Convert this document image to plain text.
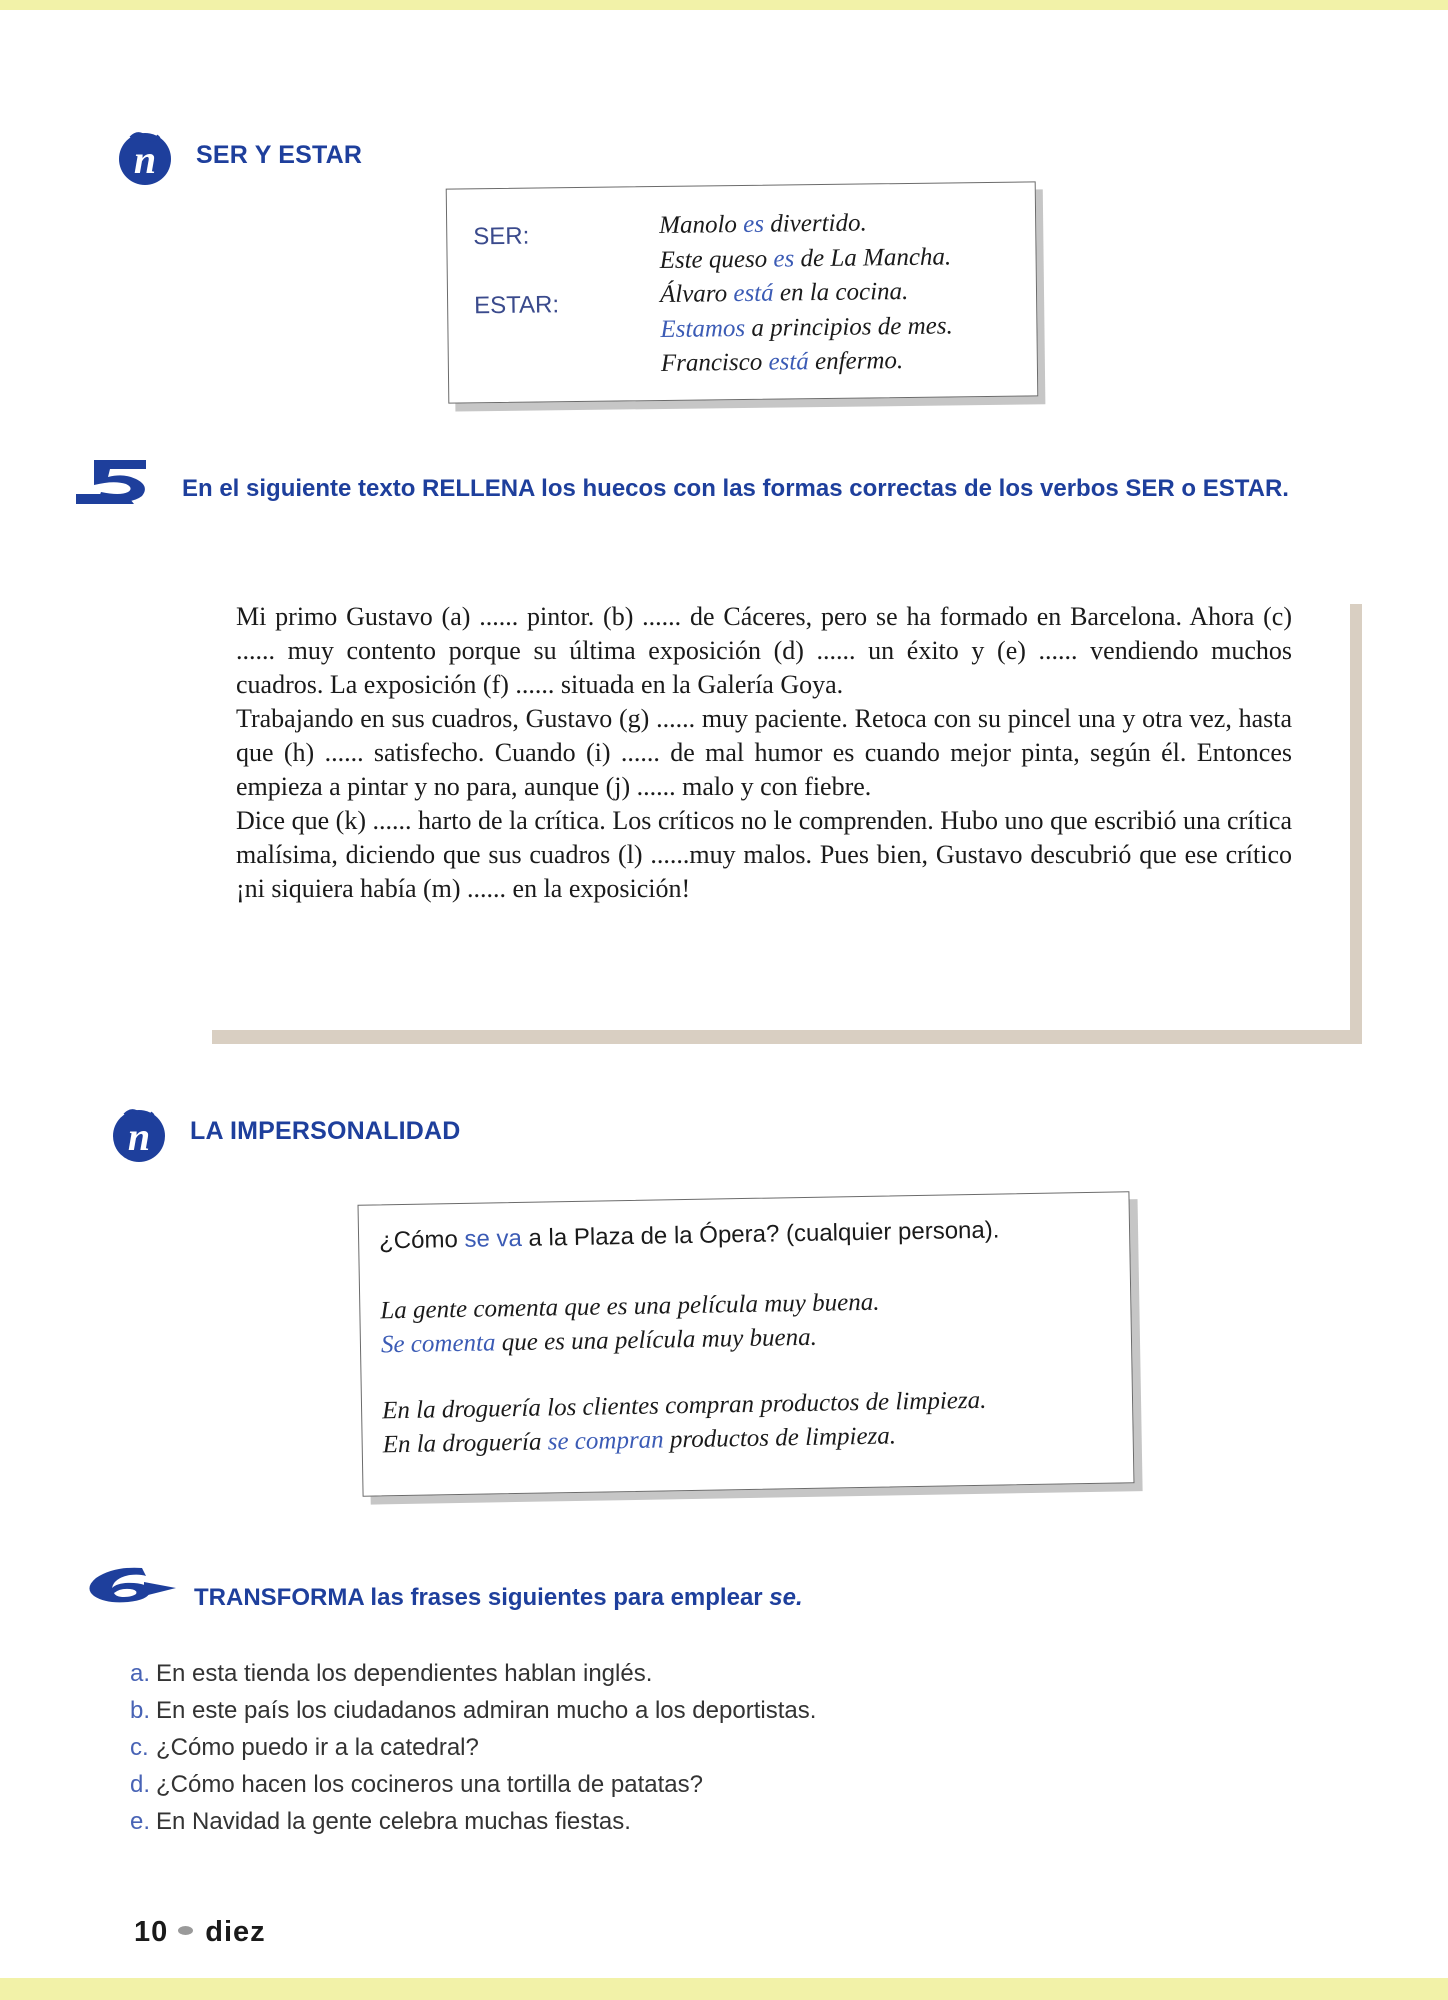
n SER Y ESTAR
SER:
ESTAR:
Manolo es divertido.
Este queso es de La Mancha.
Álvaro está en la cocina.
Estamos a principios de mes.
Francisco está enfermo.
En el siguiente texto RELLENA los huecos con las formas correctas de los verbos SER o ESTAR.

Mi primo Gustavo (a) ...... pintor. (b) ...... de Cáceres, pero se ha formado en Barcelona. Ahora (c) ...... muy contento porque su última exposición (d) ...... un éxito y (e) ...... vendiendo muchos cuadros. La exposición (f) ...... situada en la Galería Goya.
Trabajando en sus cuadros, Gustavo (g) ...... muy paciente. Retoca con su pincel una y otra vez, hasta que (h) ...... satisfecho. Cuando (i) ...... de mal humor es cuando mejor pinta, según él. Entonces empieza a pintar y no para, aunque (j) ...... malo y con fiebre.
Dice que (k) ...... harto de la crítica. Los críticos no le comprenden. Hubo uno que escribió una crítica malísima, diciendo que sus cuadros (l) ......muy malos. Pues bien, Gustavo descubrió que ese crítico ¡ni siquiera había (m) ...... en la exposición!

n LA IMPERSONALIDAD
¿Cómo se va a la Plaza de la Ópera? (cualquier persona).
La gente comenta que es una película muy buena.
Se comenta que es una película muy buena.
En la droguería los clientes compran productos de limpieza.
En la droguería se compran productos de limpieza.
TRANSFORMA las frases siguientes para emplear se.
a. En esta tienda los dependientes hablan inglés.
b. En este país los ciudadanos admiran mucho a los deportistas.
c. ¿Cómo puedo ir a la catedral?
d. ¿Cómo hacen los cocineros una tortilla de patatas?
e. En Navidad la gente celebra muchas fiestas.
10 diez
